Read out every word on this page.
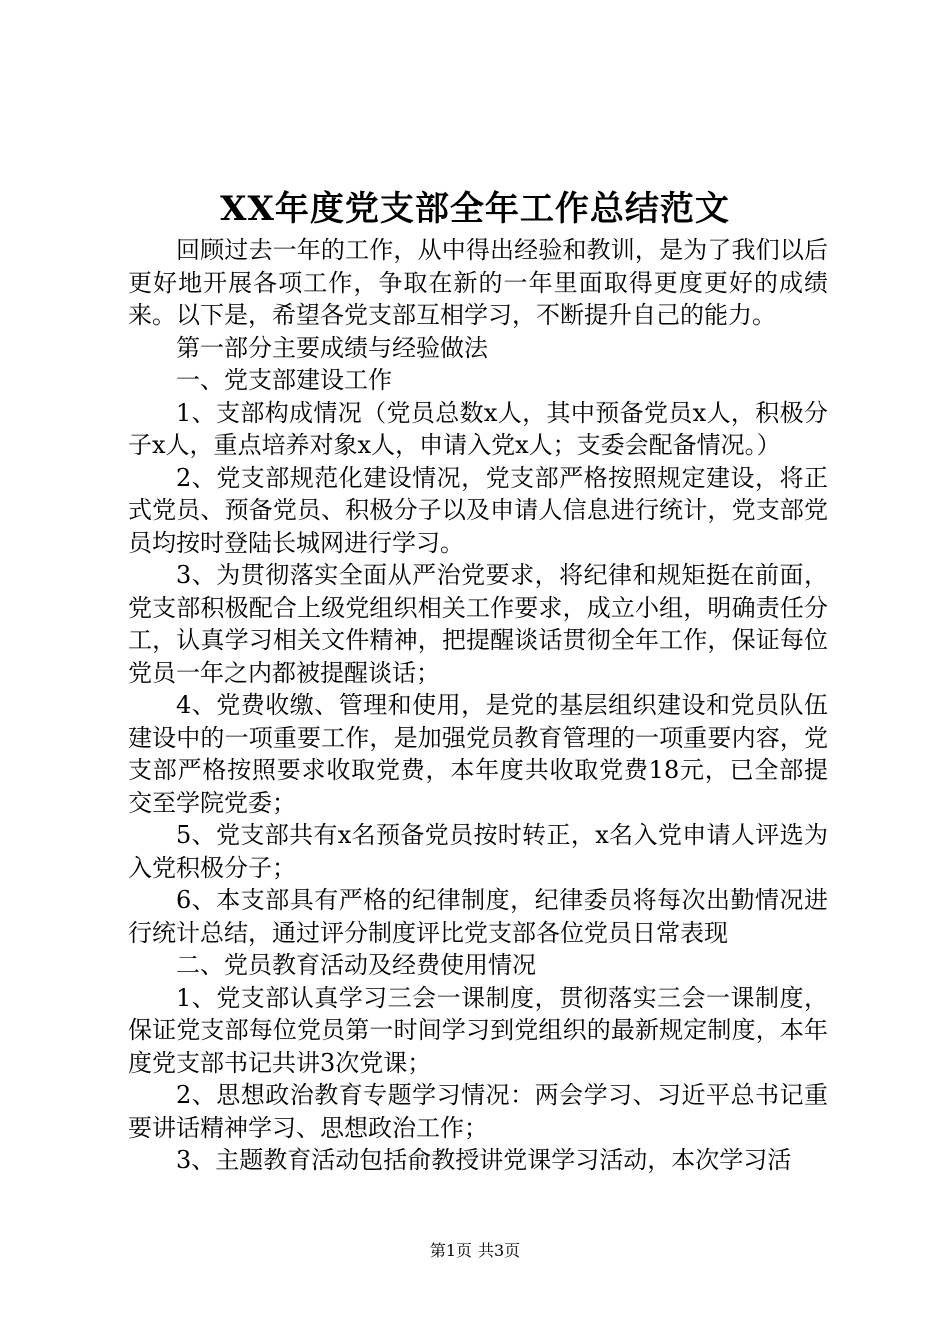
XX年度党支部全年工作总结范文

回顾过去一年的工作，从中得出经验和教训，是为了我们以后更好地开展各项工作，争取在新的一年里面取得更度更好的成绩来。以下是，希望各党支部互相学习，不断提升自己的能力。

第一部分主要成绩与经验做法

一、党支部建设工作

1、支部构成情况（党员总数x人，其中预备党员x人，积极分子x人，重点培养对象x人，申请入党x人；支委会配备情况。）

2、党支部规范化建设情况，党支部严格按照规定建设，将正式党员、预备党员、积极分子以及申请人信息进行统计，党支部党员均按时登陆长城网进行学习。

3、为贯彻落实全面从严治党要求，将纪律和规矩挺在前面，党支部积极配合上级党组织相关工作要求，成立小组，明确责任分工，认真学习相关文件精神，把提醒谈话贯彻全年工作，保证每位党员一年之内都被提醒谈话；

4、党费收缴、管理和使用，是党的基层组织建设和党员队伍建设中的一项重要工作，是加强党员教育管理的一项重要内容，党支部严格按照要求收取党费，本年度共收取党费18元，已全部提交至学院党委；

5、党支部共有x名预备党员按时转正，x名入党申请人评选为入党积极分子；

6、本支部具有严格的纪律制度，纪律委员将每次出勤情况进行统计总结，通过评分制度评比党支部各位党员日常表现

二、党员教育活动及经费使用情况

1、党支部认真学习三会一课制度，贯彻落实三会一课制度，保证党支部每位党员第一时间学习到党组织的最新规定制度，本年度党支部书记共讲3次党课；

2、思想政治教育专题学习情况：两会学习、习近平总书记重要讲话精神学习、思想政治工作；

3、主题教育活动包括俞教授讲党课学习活动，本次学习活

第1页 共3页
